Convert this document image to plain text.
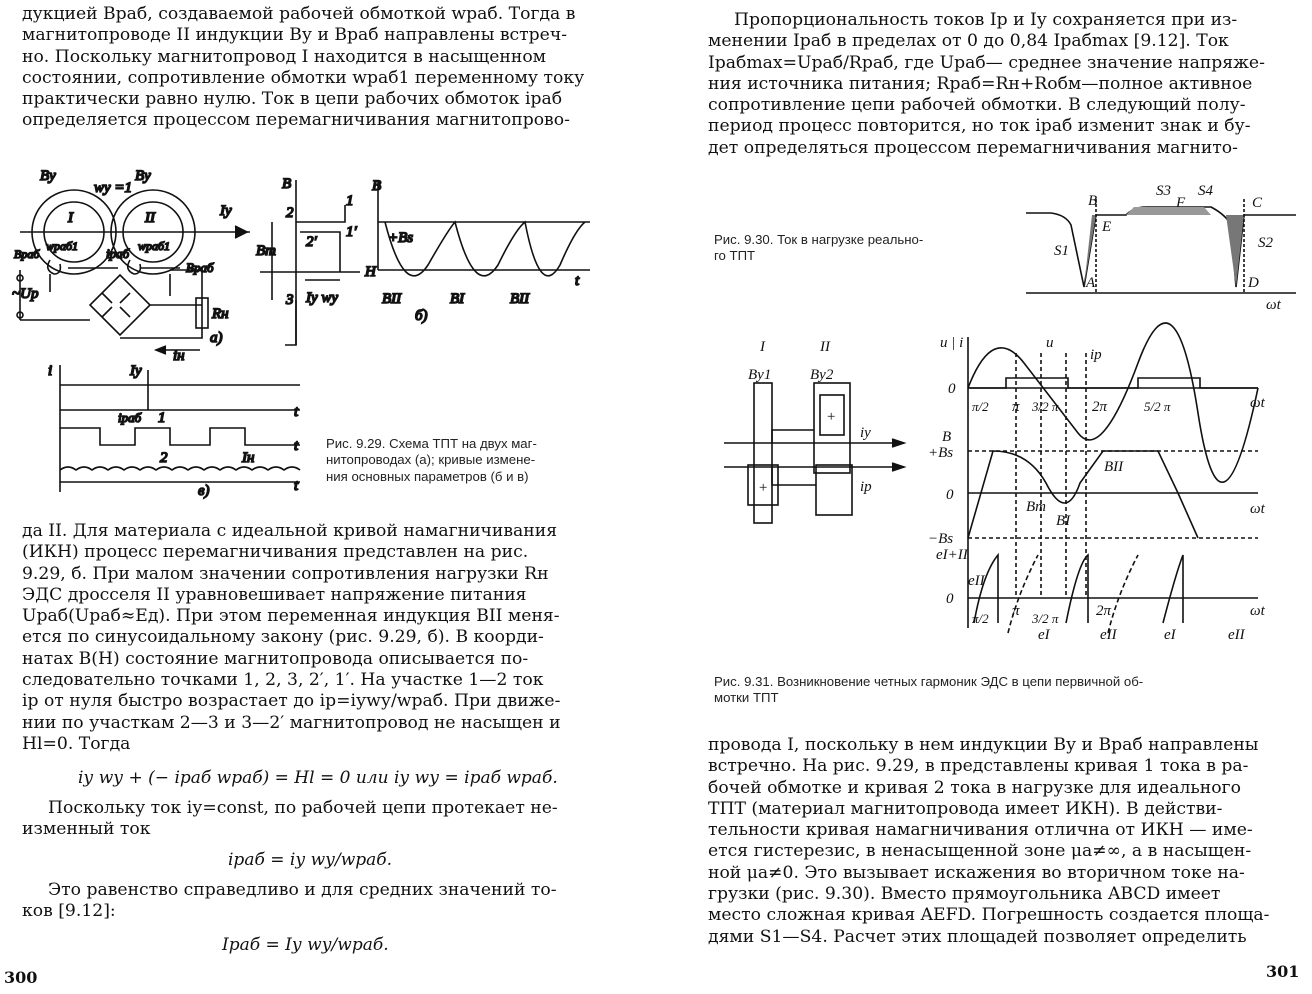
дукцией Bраб, создаваемой рабочей обмоткой wраб. Тогда в
магнитопроводе II индукции Bу и Bраб направлены встреч-
но. Поскольку магнитопровод I находится в насыщенном
состоянии, сопротивление обмотки wраб1 переменному току
практически равно нулю. Ток в цепи рабочих обмоток iраб
определяется процессом перемагничивания магнитопрово-
By
wy =1
By
I	II	Iy
wраб1	wраб1
Bраб	iраб
Bраб
~Up
Rн
iн
а)
B
H
Bm
1
1′
2
2′
3 Iу wу
B
+Bs
t
BII	BI	BII
б)
i	Iу
iраб 1
2	Iн
t
t
t
в)
Рис. 9.29. Схема ТПТ на двух маг-
нитопроводах (а); кривые измене-
ния основных параметров (б и в)
да II. Для материала с идеальной кривой намагничивания
(ИКН) процесс перемагничивания представлен на рис.
9.29, б. При малом значении сопротивления нагрузки Rн
ЭДС дросселя II уравновешивает напряжение питания
Uраб(Uраб≈Eд). При этом переменная индукция BII меня-
ется по синусоидальному закону (рис. 9.29, б). В коорди-
натах B(H) состояние магнитопровода описывается по-
следовательно точками 1, 2, 3, 2′, 1′. На участке 1—2 ток
iр от нуля быстро возрастает до iр=iуwу/wраб. При движе-
нии по участкам 2—3 и 3—2′ магнитопровод не насыщен и
Hl=0. Тогда
iу wу + (− iраб wраб) = Hl = 0 или iу wу = iраб wраб.
Поскольку ток iу=const, по рабочей цепи протекает не-
изменный ток
iраб = iу wу/wраб.
Это равенство справедливо и для средних значений то-
ков [9.12]:
Iраб = Iу wу/wраб.
300
Пропорциональность токов Iр и Iу сохраняется при из-
менении Iраб в пределах от 0 до 0,84 Iрабmax [9.12]. Ток
Iрабmax=Uраб/Rраб, где Uраб— среднее значение напряже-
ния источника питания; Rраб=Rн+Rобм—полное активное
сопротивление цепи рабочей обмотки. В следующий полу-
период процесс повторится, но ток iраб изменит знак и бу-
дет определяться процессом перемагничивания магнито-
Рис. 9.30. Ток в нагрузке реально-
го ТПТ
B
S3 S4
F	C
E
S1	S2
A	D
ωt
+
+
I	II
By1	By2
iy
ip
u | i	u
ip
0
ωt
π/2 π 3/2 π 2π	5/2 π
B
+Bs
0
−Bs
BII
Bm
BI
ωt
eI+II
0
eII
eI	eII	eI	eII
π/2 π 3/2 π	2π	ωt
Рис. 9.31. Возникновение четных гармоник ЭДС в цепи первичной об-
мотки ТПТ
провода I, поскольку в нем индукции Bу и Bраб направлены
встречно. На рис. 9.29, в представлены кривая 1 тока в ра-
бочей обмотке и кривая 2 тока в нагрузке для идеального
ТПТ (материал магнитопровода имеет ИКН). В действи-
тельности кривая намагничивания отлична от ИКН — име-
ется гистерезис, в ненасыщенной зоне μa≠∞, а в насыщен-
ной μa≠0. Это вызывает искажения во вторичном токе на-
грузки (рис. 9.30). Вместо прямоугольника ABCD имеет
место сложная кривая AEFD. Погрешность создается площа-
дями S1—S4. Расчет этих площадей позволяет определить
301
